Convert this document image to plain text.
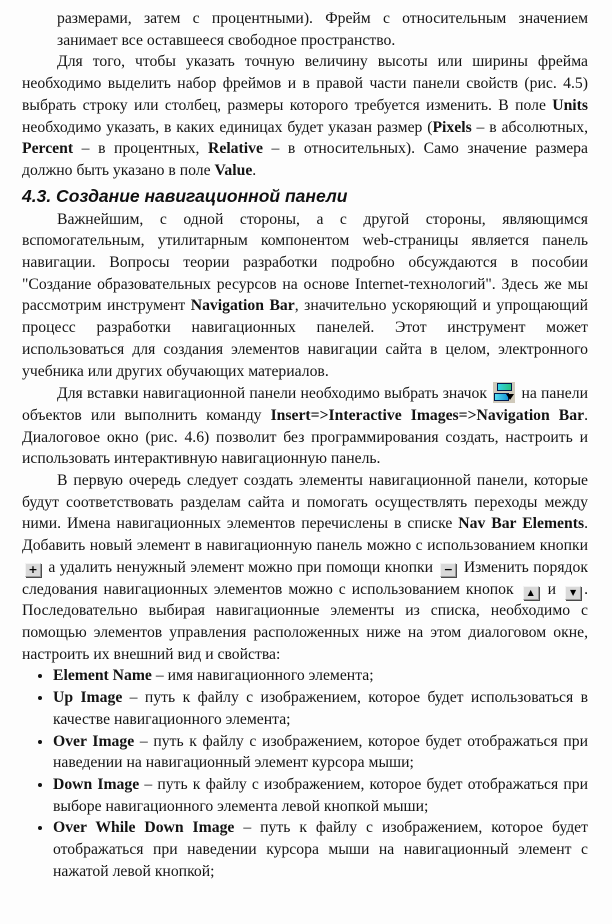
размерами, затем с процентными). Фрейм с относительным значением занимает все оставшееся свободное пространство.

Для того, чтобы указать точную величину высоты или ширины фрейма необходимо выделить набор фреймов и в правой части панели свойств (рис. 4.5) выбрать строку или столбец, размеры которого требуется изменить. В поле Units необходимо указать, в каких единицах будет указан размер (Pixels – в абсолютных, Percent – в процентных, Relative – в относительных). Само значение размера должно быть указано в поле Value.

4.3. Создание навигационной панели

Важнейшим, с одной стороны, а с другой стороны, являющимся вспомогательным, утилитарным компонентом web-страницы является панель навигации. Вопросы теории разработки подробно обсуждаются в пособии "Создание образовательных ресурсов на основе Internet-технологий". Здесь же мы рассмотрим инструмент Navigation Bar, значительно ускоряющий и упрощающий процесс разработки навигационных панелей. Этот инструмент может использоваться для создания элементов навигации сайта в целом, электронного учебника или других обучающих материалов.

Для вставки навигационной панели необходимо выбрать значок
на панели объектов или выполнить команду Insert=>Interactive Images=>Navigation Bar. Диалоговое окно (рис. 4.6) позволит без программирования создать, настроить и использовать интерактивную навигационную панель.

В первую очередь следует создать элементы навигационной панели, которые будут соответствовать разделам сайта и помогать осуществлять переходы между ними. Имена навигационных элементов перечислены в списке Nav Bar Elements. Добавить новый элемент в навигационную панель можно с использованием кнопки + а удалить ненужный элемент можно при помощи кнопки − Изменить порядок следования навигационных элементов можно с использованием кнопок ▲ и ▼ . Последовательно выбирая навигационные элементы из списка, необходимо с помощью элементов управления расположенных ниже на этом диалоговом окне, настроить их внешний вид и свойства:

• Element Name – имя навигационного элемента;
• Up Image – путь к файлу с изображением, которое будет использоваться в качестве навигационного элемента;
• Over Image – путь к файлу с изображением, которое будет отображаться при наведении на навигационный элемент курсора мыши;
• Down Image – путь к файлу с изображением, которое будет отображаться при выборе навигационного элемента левой кнопкой мыши;
• Over While Down Image – путь к файлу с изображением, которое будет отображаться при наведении курсора мыши на навигационный элемент с нажатой левой кнопкой;
